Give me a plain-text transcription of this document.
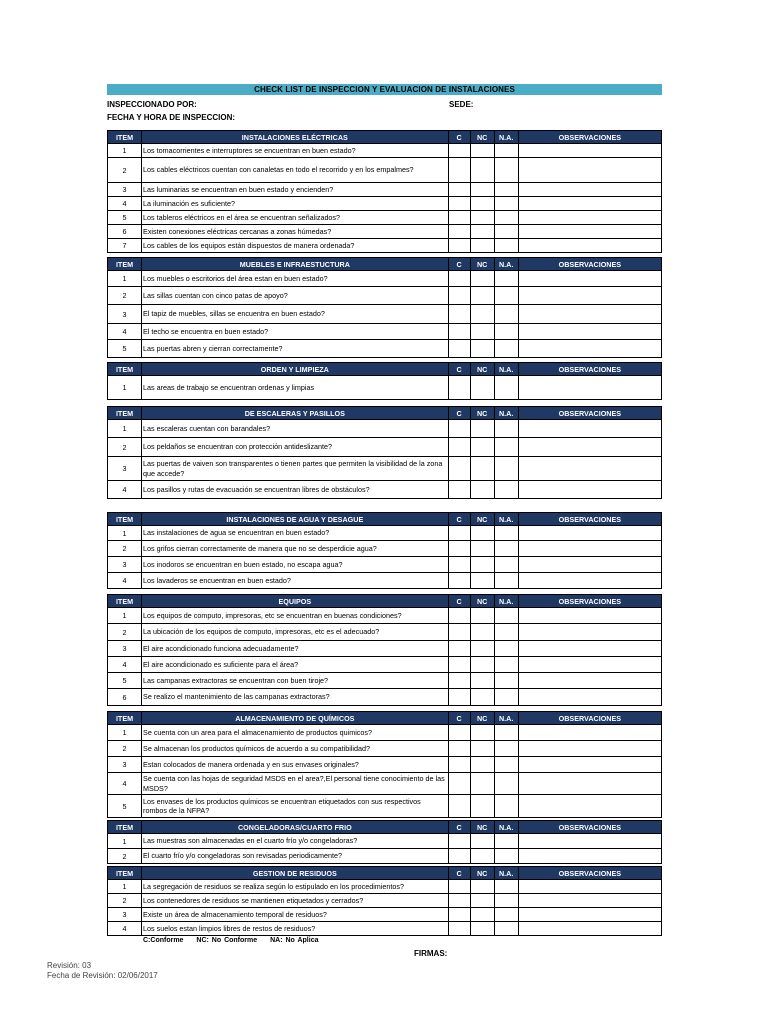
CHECK LIST DE INSPECCION Y EVALUACION DE INSTALACIONES
INSPECCIONADO POR:	SEDE:
FECHA Y HORA DE INSPECCION:
ITEM	INSTALACIONES ELÉCTRICAS	C	NC	N.A.	OBSERVACIONES
1	Los tomacorrientes e interruptores se encuentran en buen estado?				
2	Los cables eléctricos cuentan con canaletas en todo el recorrido y en los empalmes?				
3	Las luminarias se encuentran en buen estado y encienden?				
4	La iluminación es suficiente?				
5	Los tableros eléctricos en el área se encuentran señalizados?				
6	Existen conexiones eléctricas cercanas a zonas húmedas?				
7	Los cables de los equipos están dispuestos de manera ordenada?				
ITEM	MUEBLES E INFRAESTUCTURA	C	NC	N.A.	OBSERVACIONES
1	Los muebles o escritorios del área estan en buen estado?				
2	Las sillas cuentan con cinco patas de apoyo?				
3	El tapiz de muebles, sillas se encuentra en buen estado?				
4	El techo se encuentra en buen estado?				
5	Las puertas abren y cierran correctamente?				
ITEM	ORDEN Y LIMPIEZA	C	NC	N.A.	OBSERVACIONES
1	Las areas de trabajo se encuentran ordenas y limpias				
ITEM	DE ESCALERAS Y PASILLOS	C	NC	N.A.	OBSERVACIONES
1	Las escaleras cuentan con barandales?				
2	Los peldaños se encuentran con protección antideslizante?				
3	Las puertas de vaiven son transparentes o tienen partes que permiten la visibilidad de la zona que accede?				
4	Los pasillos y rutas de evacuación se encuentran libres de obstáculos?				
ITEM	INSTALACIONES DE AGUA Y DESAGUE	C	NC	N.A.	OBSERVACIONES
1	Las instalaciones de agua se encuentran en buen estado?				
2	Los grifos cierran correctamente de manera que no se desperdicie agua?				
3	Los inodoros se encuentran en buen estado, no escapa agua?				
4	Los lavaderos se encuentran en buen estado?				
ITEM	EQUIPOS	C	NC	N.A.	OBSERVACIONES
1	Los equipos de computo, impresoras, etc se encuentran en buenas condiciones?				
2	La ubicación de los equipos de computo, impresoras, etc es el adecuado?				
3	El aire acondicionado funciona adecuadamente?				
4	El aire acondicionado es suficiente para el área?				
5	Las campanas extractoras se encuentran con buen tiroje?				
6	Se realizo el mantenimiento de las campanas extractoras?				
ITEM	ALMACENAMIENTO DE QUÍMICOS	C	NC	N.A.	OBSERVACIONES
1	Se cuenta con un area para el almacenamiento de productos quimicos?				
2	Se almacenan los productos químicos de acuerdo a su compatibilidad?				
3	Estan colocados de manera ordenada y en sus envases originales?				
4	Se cuenta con las hojas de seguridad MSDS en el area?,El personal tiene conocimiento de las MSDS?				
5	Los envases de los productos químicos se encuentran etiquetados con sus respectivos rombos de la NFPA?				
ITEM	CONGELADORAS/CUARTO FRIO	C	NC	N.A.	OBSERVACIONES
1	Las muestras son almacenadas en el cuarto frío y/o congeladoras?				
2	El cuarto frío y/o congeladoras son revisadas periodicamente?				
ITEM	GESTION DE RESIDUOS	C	NC	N.A.	OBSERVACIONES
1	La segregación de residuos se realiza según lo estipulado en los procedimientos?				
2	Los contenedores de residuos se mantienen etiquetados y cerrados?				
3	Existe un área de almacenamiento temporal de residuos?				
4	Los suelos estan limpios libres de restos de residuos?				
C:Conforme NC: No Conforme NA: No Aplica
FIRMAS:
Revisión: 03
Fecha de Revisión: 02/06/2017
